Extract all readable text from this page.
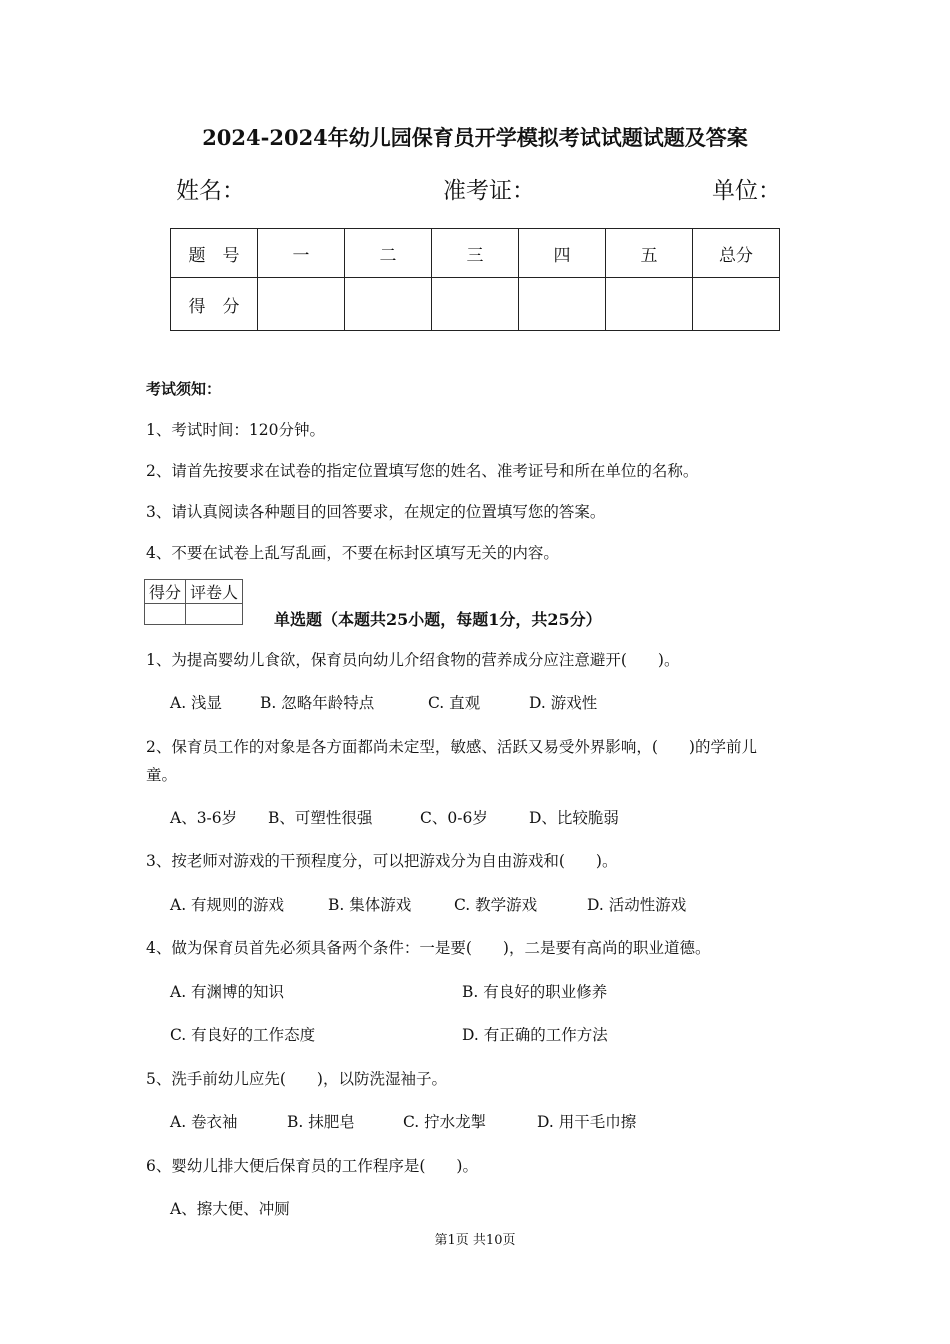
2024-2024年幼儿园保育员开学模拟考试试题试题及答案
姓名：	准考证：	单位：
题　号	一	二	三	四	五	总分
得　分						
考试须知：
1、考试时间：120分钟。
2、请首先按要求在试卷的指定位置填写您的姓名、准考证号和所在单位的名称。
3、请认真阅读各种题目的回答要求，在规定的位置填写您的答案。
4、不要在试卷上乱写乱画，不要在标封区填写无关的内容。
得分	评卷人

单选题（本题共25小题，每题1分，共25分）
1、为提高婴幼儿食欲，保育员向幼儿介绍食物的营养成分应注意避开(　　)。
A. 浅显 B. 忽略年龄特点	C. 直观	D. 游戏性
2、保育员工作的对象是各方面都尚未定型，敏感、活跃又易受外界影响，(　　)的学前儿
童。
A、3-6岁 B、可塑性很强	C、0-6岁	D、比较脆弱
3、按老师对游戏的干预程度分，可以把游戏分为自由游戏和(　　)。
A. 有规则的游戏	B. 集体游戏	C. 教学游戏	D. 活动性游戏
4、做为保育员首先必须具备两个条件：一是要(　　)，二是要有高尚的职业道德。
A. 有渊博的知识	B. 有良好的职业修养
C. 有良好的工作态度	D. 有正确的工作方法
5、洗手前幼儿应先(　　)，以防洗湿袖子。
A. 卷衣袖	B. 抹肥皂	C. 拧水龙掣	D. 用干毛巾擦
6、婴幼儿排大便后保育员的工作程序是(　　)。
A、擦大便、冲厕
第1页 共10页
